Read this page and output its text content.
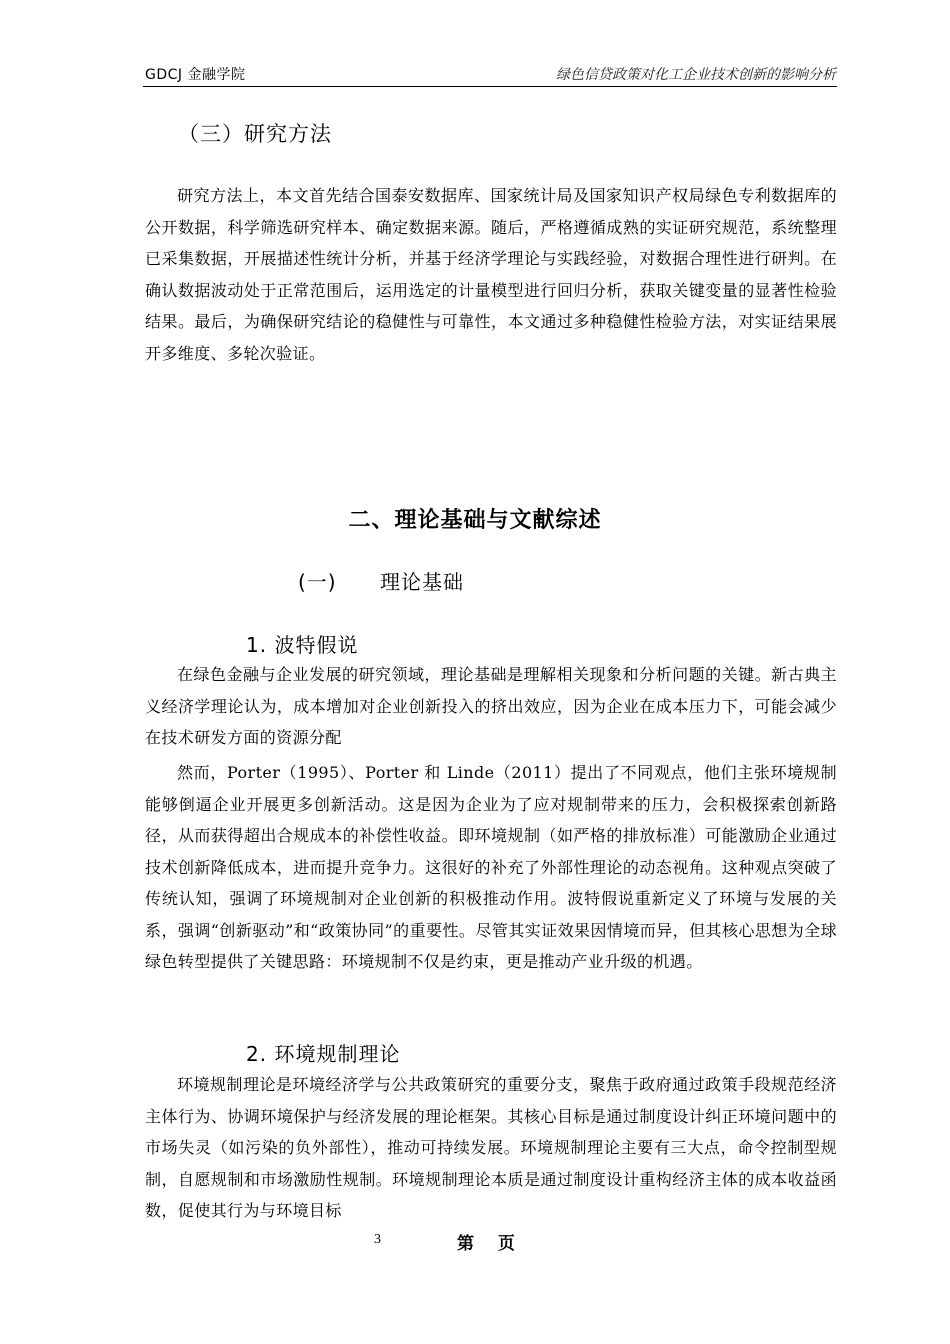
GDCJ 金融学院	绿色信贷政策对化工企业技术创新的影响分析
（三）研究方法
研究方法上，本文首先结合国泰安数据库、国家统计局及国家知识产权局绿色专利数据库的公开数据，科学筛选研究样本、确定数据来源。随后，严格遵循成熟的实证研究规范，系统整理已采集数据，开展描述性统计分析，并基于经济学理论与实践经验，对数据合理性进行研判。在确认数据波动处于正常范围后，运用选定的计量模型进行回归分析，获取关键变量的显著性检验结果。最后，为确保研究结论的稳健性与可靠性，本文通过多种稳健性检验方法，对实证结果展开多维度、多轮次验证。
二、理论基础与文献综述
(一) 理论基础
1. 波特假说
在绿色金融与企业发展的研究领域，理论基础是理解相关现象和分析问题的关键。新古典主义经济学理论认为，成本增加对企业创新投入的挤出效应，因为企业在成本压力下，可能会减少在技术研发方面的资源分配
然而，Porter（1995）、Porter 和 Linde（2011）提出了不同观点，他们主张环境规制能够倒逼企业开展更多创新活动。这是因为企业为了应对规制带来的压力，会积极探索创新路径，从而获得超出合规成本的补偿性收益。即环境规制（如严格的排放标准）可能激励企业通过技术创新降低成本，进而提升竞争力。这很好的补充了外部性理论的动态视角。这种观点突破了传统认知，强调了环境规制对企业创新的积极推动作用。波特假说重新定义了环境与发展的关系，强调“创新驱动”和“政策协同”的重要性。尽管其实证效果因情境而异，但其核心思想为全球绿色转型提供了关键思路：环境规制不仅是约束，更是推动产业升级的机遇。
2. 环境规制理论
环境规制理论是环境经济学与公共政策研究的重要分支，聚焦于政府通过政策手段规范经济主体行为、协调环境保护与经济发展的理论框架。其核心目标是通过制度设计纠正环境问题中的市场失灵（如污染的负外部性），推动可持续发展。环境规制理论主要有三大点，命令控制型规制，自愿规制和市场激励性规制。环境规制理论本质是通过制度设计重构经济主体的成本收益函数，促使其行为与环境目标
3	第 页
